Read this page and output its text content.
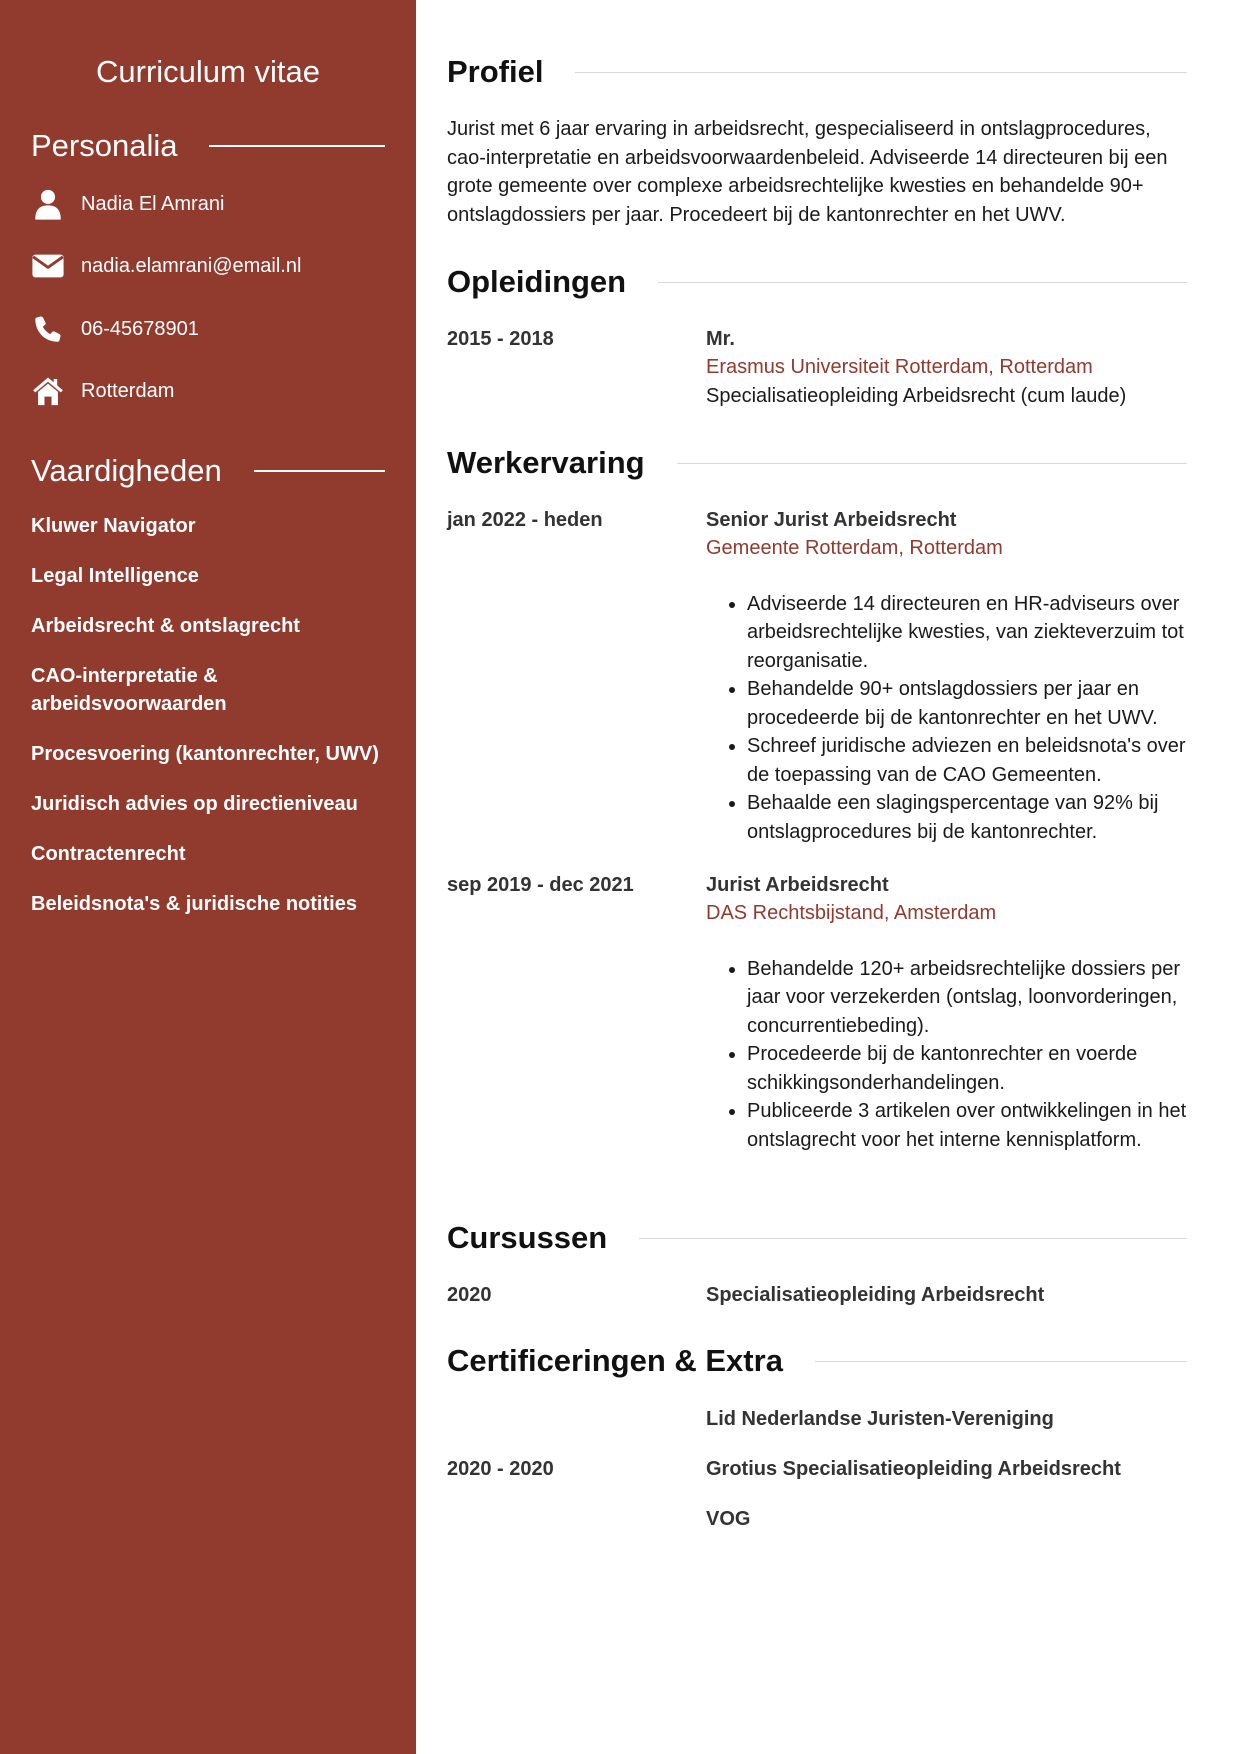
Curriculum vitae
Personalia
Nadia El Amrani
nadia.elamrani@email.nl
06-45678901
Rotterdam
Vaardigheden
Kluwer Navigator
Legal Intelligence
Arbeidsrecht & ontslagrecht
CAO-interpretatie & arbeidsvoorwaarden
Procesvoering (kantonrechter, UWV)
Juridisch advies op directieniveau
Contractenrecht
Beleidsnota's & juridische notities
Profiel
Jurist met 6 jaar ervaring in arbeidsrecht, gespecialiseerd in ontslagprocedures, cao-interpretatie en arbeidsvoorwaardenbeleid. Adviseerde 14 directeuren bij een grote gemeente over complexe arbeidsrechtelijke kwesties en behandelde 90+ ontslagdossiers per jaar. Procedeert bij de kantonrechter en het UWV.
Opleidingen
2015 - 2018	Mr.
Erasmus Universiteit Rotterdam, Rotterdam
Specialisatieopleiding Arbeidsrecht (cum laude)
Werkervaring
jan 2022 - heden	Senior Jurist Arbeidsrecht
Gemeente Rotterdam, Rotterdam
• Adviseerde 14 directeuren en HR-adviseurs over arbeidsrechtelijke kwesties, van ziekteverzuim tot reorganisatie.
• Behandelde 90+ ontslagdossiers per jaar en procedeerde bij de kantonrechter en het UWV.
• Schreef juridische adviezen en beleidsnota's over de toepassing van de CAO Gemeenten.
• Behaalde een slagingspercentage van 92% bij ontslagprocedures bij de kantonrechter.
sep 2019 - dec 2021	Jurist Arbeidsrecht
DAS Rechtsbijstand, Amsterdam
• Behandelde 120+ arbeidsrechtelijke dossiers per jaar voor verzekerden (ontslag, loonvorderingen, concurrentiebeding).
• Procedeerde bij de kantonrechter en voerde schikkingsonderhandelingen.
• Publiceerde 3 artikelen over ontwikkelingen in het ontslagrecht voor het interne kennisplatform.
Cursussen
2020	Specialisatieopleiding Arbeidsrecht
Certificeringen & Extra
Lid Nederlandse Juristen-Vereniging
2020 - 2020	Grotius Specialisatieopleiding Arbeidsrecht
VOG
